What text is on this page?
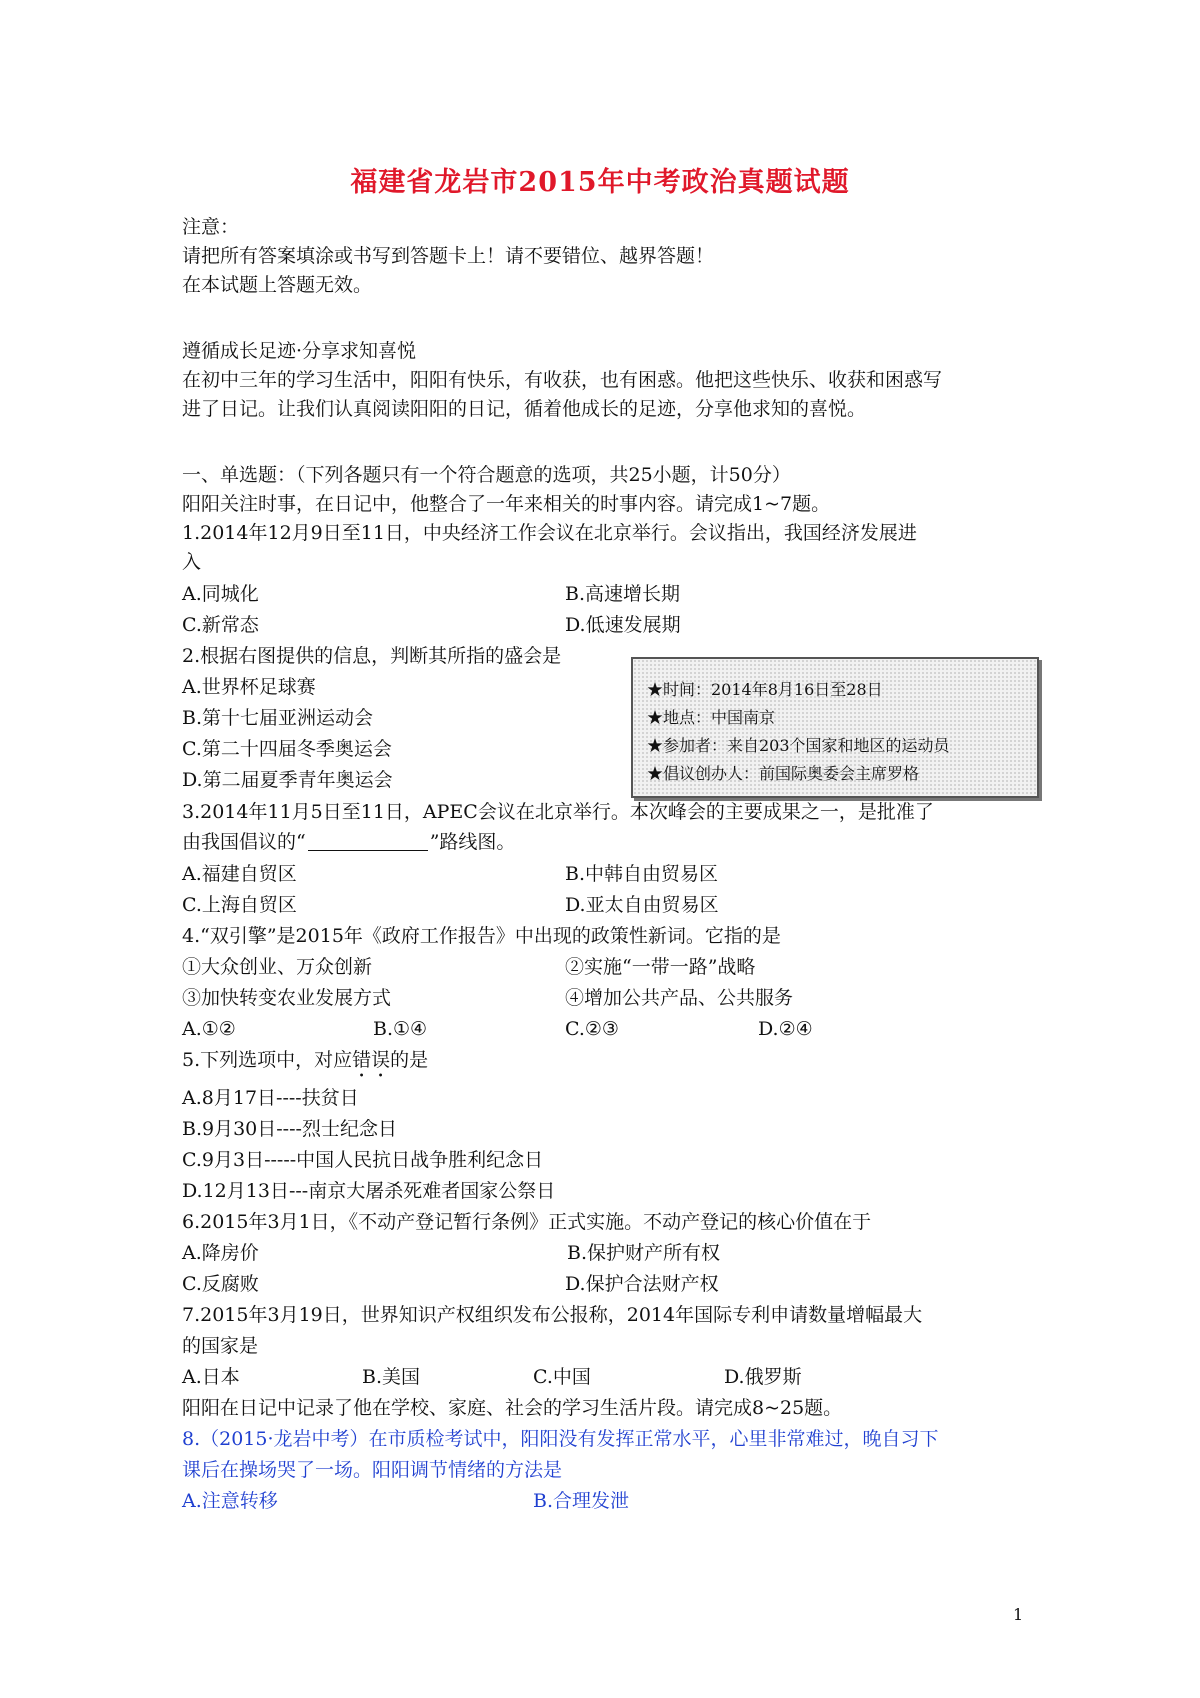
福建省龙岩市2015年中考政治真题试题
注意：
请把所有答案填涂或书写到答题卡上！请不要错位、越界答题！
在本试题上答题无效。
遵循成长足迹·分享求知喜悦
在初中三年的学习生活中，阳阳有快乐，有收获，也有困惑。他把这些快乐、收获和困惑写
进了日记。让我们认真阅读阳阳的日记，循着他成长的足迹，分享他求知的喜悦。
一、单选题：（下列各题只有一个符合题意的选项，共25小题，计50分）
阳阳关注时事，在日记中，他整合了一年来相关的时事内容。请完成1~7题。
1.2014年12月9日至11日，中央经济工作会议在北京举行。会议指出，我国经济发展进
入
A.同城化	B.高速增长期
C.新常态	D.低速发展期
2.根据右图提供的信息，判断其所指的盛会是
A.世界杯足球赛
B.第十七届亚洲运动会
C.第二十四届冬季奥运会
D.第二届夏季青年奥运会
★时间：2014年8月16日至28日
★地点：中国南京
★参加者：来自203个国家和地区的运动员
★倡议创办人：前国际奥委会主席罗格
3.2014年11月5日至11日，APEC会议在北京举行。本次峰会的主要成果之一，是批准了
由我国倡议的“	”路线图。
A.福建自贸区	B.中韩自由贸易区
C.上海自贸区	D.亚太自由贸易区
4.“双引擎”是2015年《政府工作报告》中出现的政策性新词。它指的是
①大众创业、万众创新	②实施“一带一路”战略
③加快转变农业发展方式	④增加公共产品、公共服务
A.①②	B.①④	C.②③	D.②④
5.下列选项中，对应错误的是
A.8月17日----扶贫日
B.9月30日----烈士纪念日
C.9月3日-----中国人民抗日战争胜利纪念日
D.12月13日---南京大屠杀死难者国家公祭日
6.2015年3月1日，《不动产登记暂行条例》正式实施。不动产登记的核心价值在于
A.降房价	B.保护财产所有权
C.反腐败	D.保护合法财产权
7.2015年3月19日，世界知识产权组织发布公报称，2014年国际专利申请数量增幅最大
的国家是
A.日本	B.美国	C.中国	D.俄罗斯
阳阳在日记中记录了他在学校、家庭、社会的学习生活片段。请完成8~25题。
8.（2015·龙岩中考）在市质检考试中，阳阳没有发挥正常水平，心里非常难过，晚自习下
课后在操场哭了一场。阳阳调节情绪的方法是
A.注意转移	B.合理发泄
1
